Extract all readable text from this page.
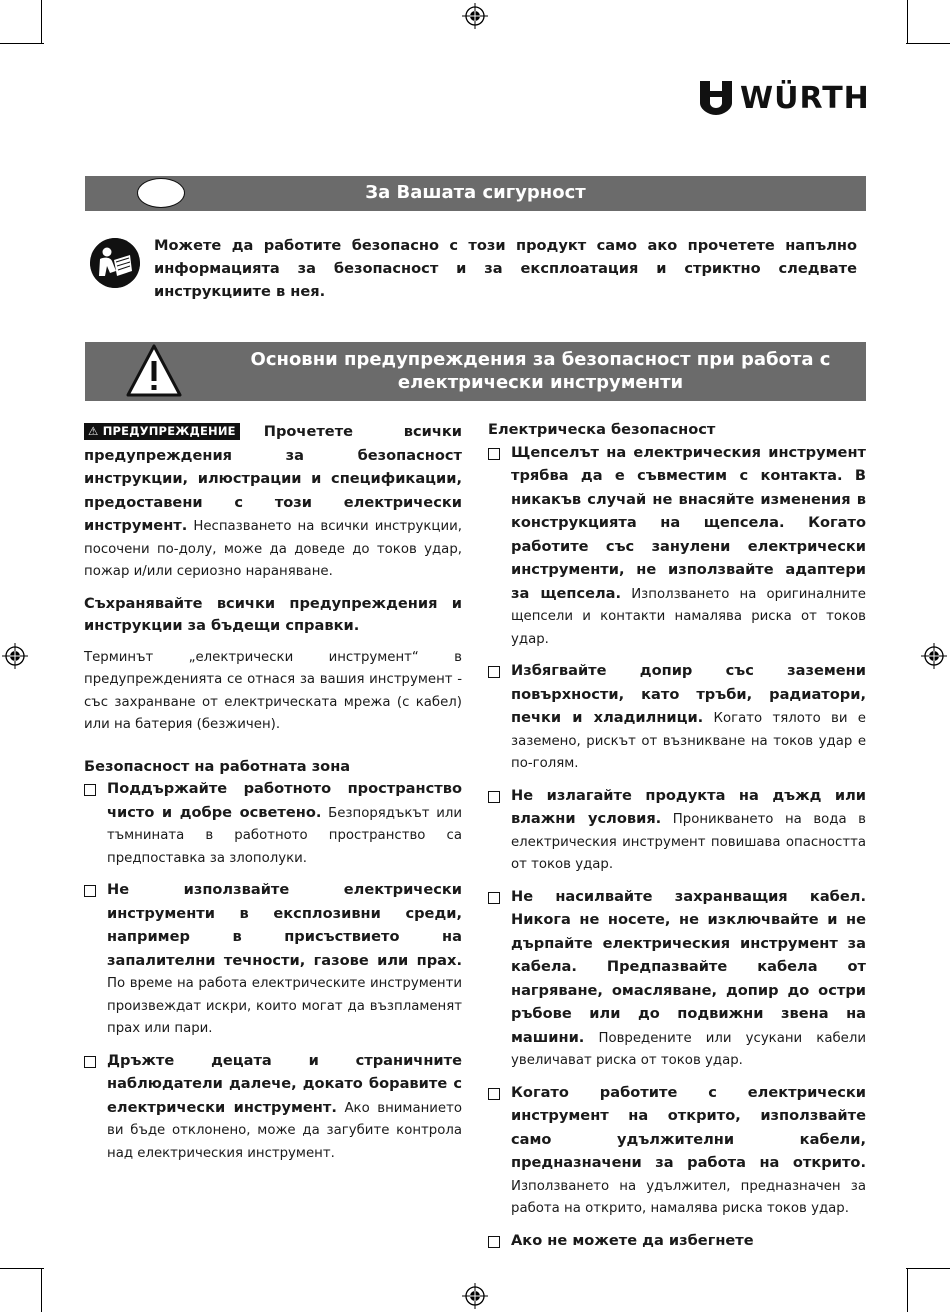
WÜRTH
За Вашата сигурност
Можете да работите безопасно с този продукт само ако прочетете напълно информацията за безопасност и за експлоатация и стриктно следвате инструкциите в нея.
Основни предупреждения за безопасност при работа с
електрически инструменти

⚠ ПРЕДУПРЕЖДЕНИЕ Прочетете всички предупреждения за безопасност инструкции, илюстрации и спецификации, предоставени с този електрически инструмент. Неспазването на всички инструкции, посочени по-долу, може да доведе до токов удар, пожар и/или сериозно нараняване.

Съхранявайте всички предупреждения и инструкции за бъдещи справки.

Терминът „електрически инструмент“ в предупрежденията се отнася за вашия инструмент - със захранване от електрическата мрежа (с кабел) или на батерия (безжичен).

Безопасност на работната зона

Поддържайте работното пространство чисто и добре осветено. Безпорядъкът или тъмнината в работното пространство са предпоставка за злополуки.
Не използвайте електрически инструменти в експлозивни среди, например в присъствието на запалителни течности, газове или прах. По време на работа електрическите инструменти произвеждат искри, които могат да възпламенят прах или пари.
Дръжте децата и страничните наблюдатели далече, докато боравите с електрически инструмент. Ако вниманието ви бъде отклонено, може да загубите контрола над електрическия инструмент.

Електрическа безопасност

Щепселът на електрическия инструмент трябва да е съвместим с контакта. В никакъв случай не внасяйте изменения в конструкцията на щепсела. Когато работите със занулени електрически инструменти, не използвайте адаптери за щепсела. Използването на оригиналните щепсели и контакти намалява риска от токов удар.
Избягвайте допир със заземени повърхности, като тръби, радиатори, печки и хладилници. Когато тялото ви е заземено, рискът от възникване на токов удар е по-голям.
Не излагайте продукта на дъжд или влажни условия. Проникването на вода в електрическия инструмент повишава опасността от токов удар.
Не насилвайте захранващия кабел. Никога не носете, не изключвайте и не дърпайте електрическия инструмент за кабела. Предпазвайте кабела от нагряване, омасляване, допир до остри ръбове или до подвижни звена на машини. Повредените или усукани кабели увеличават риска от токов удар.
Когато работите с електрически инструмент на открито, използвайте само удължителни кабели, предназначени за работа на открито. Използването на удължител, предназначен за работа на открито, намалява риска токов удар.
Ако не можете да избегнете
